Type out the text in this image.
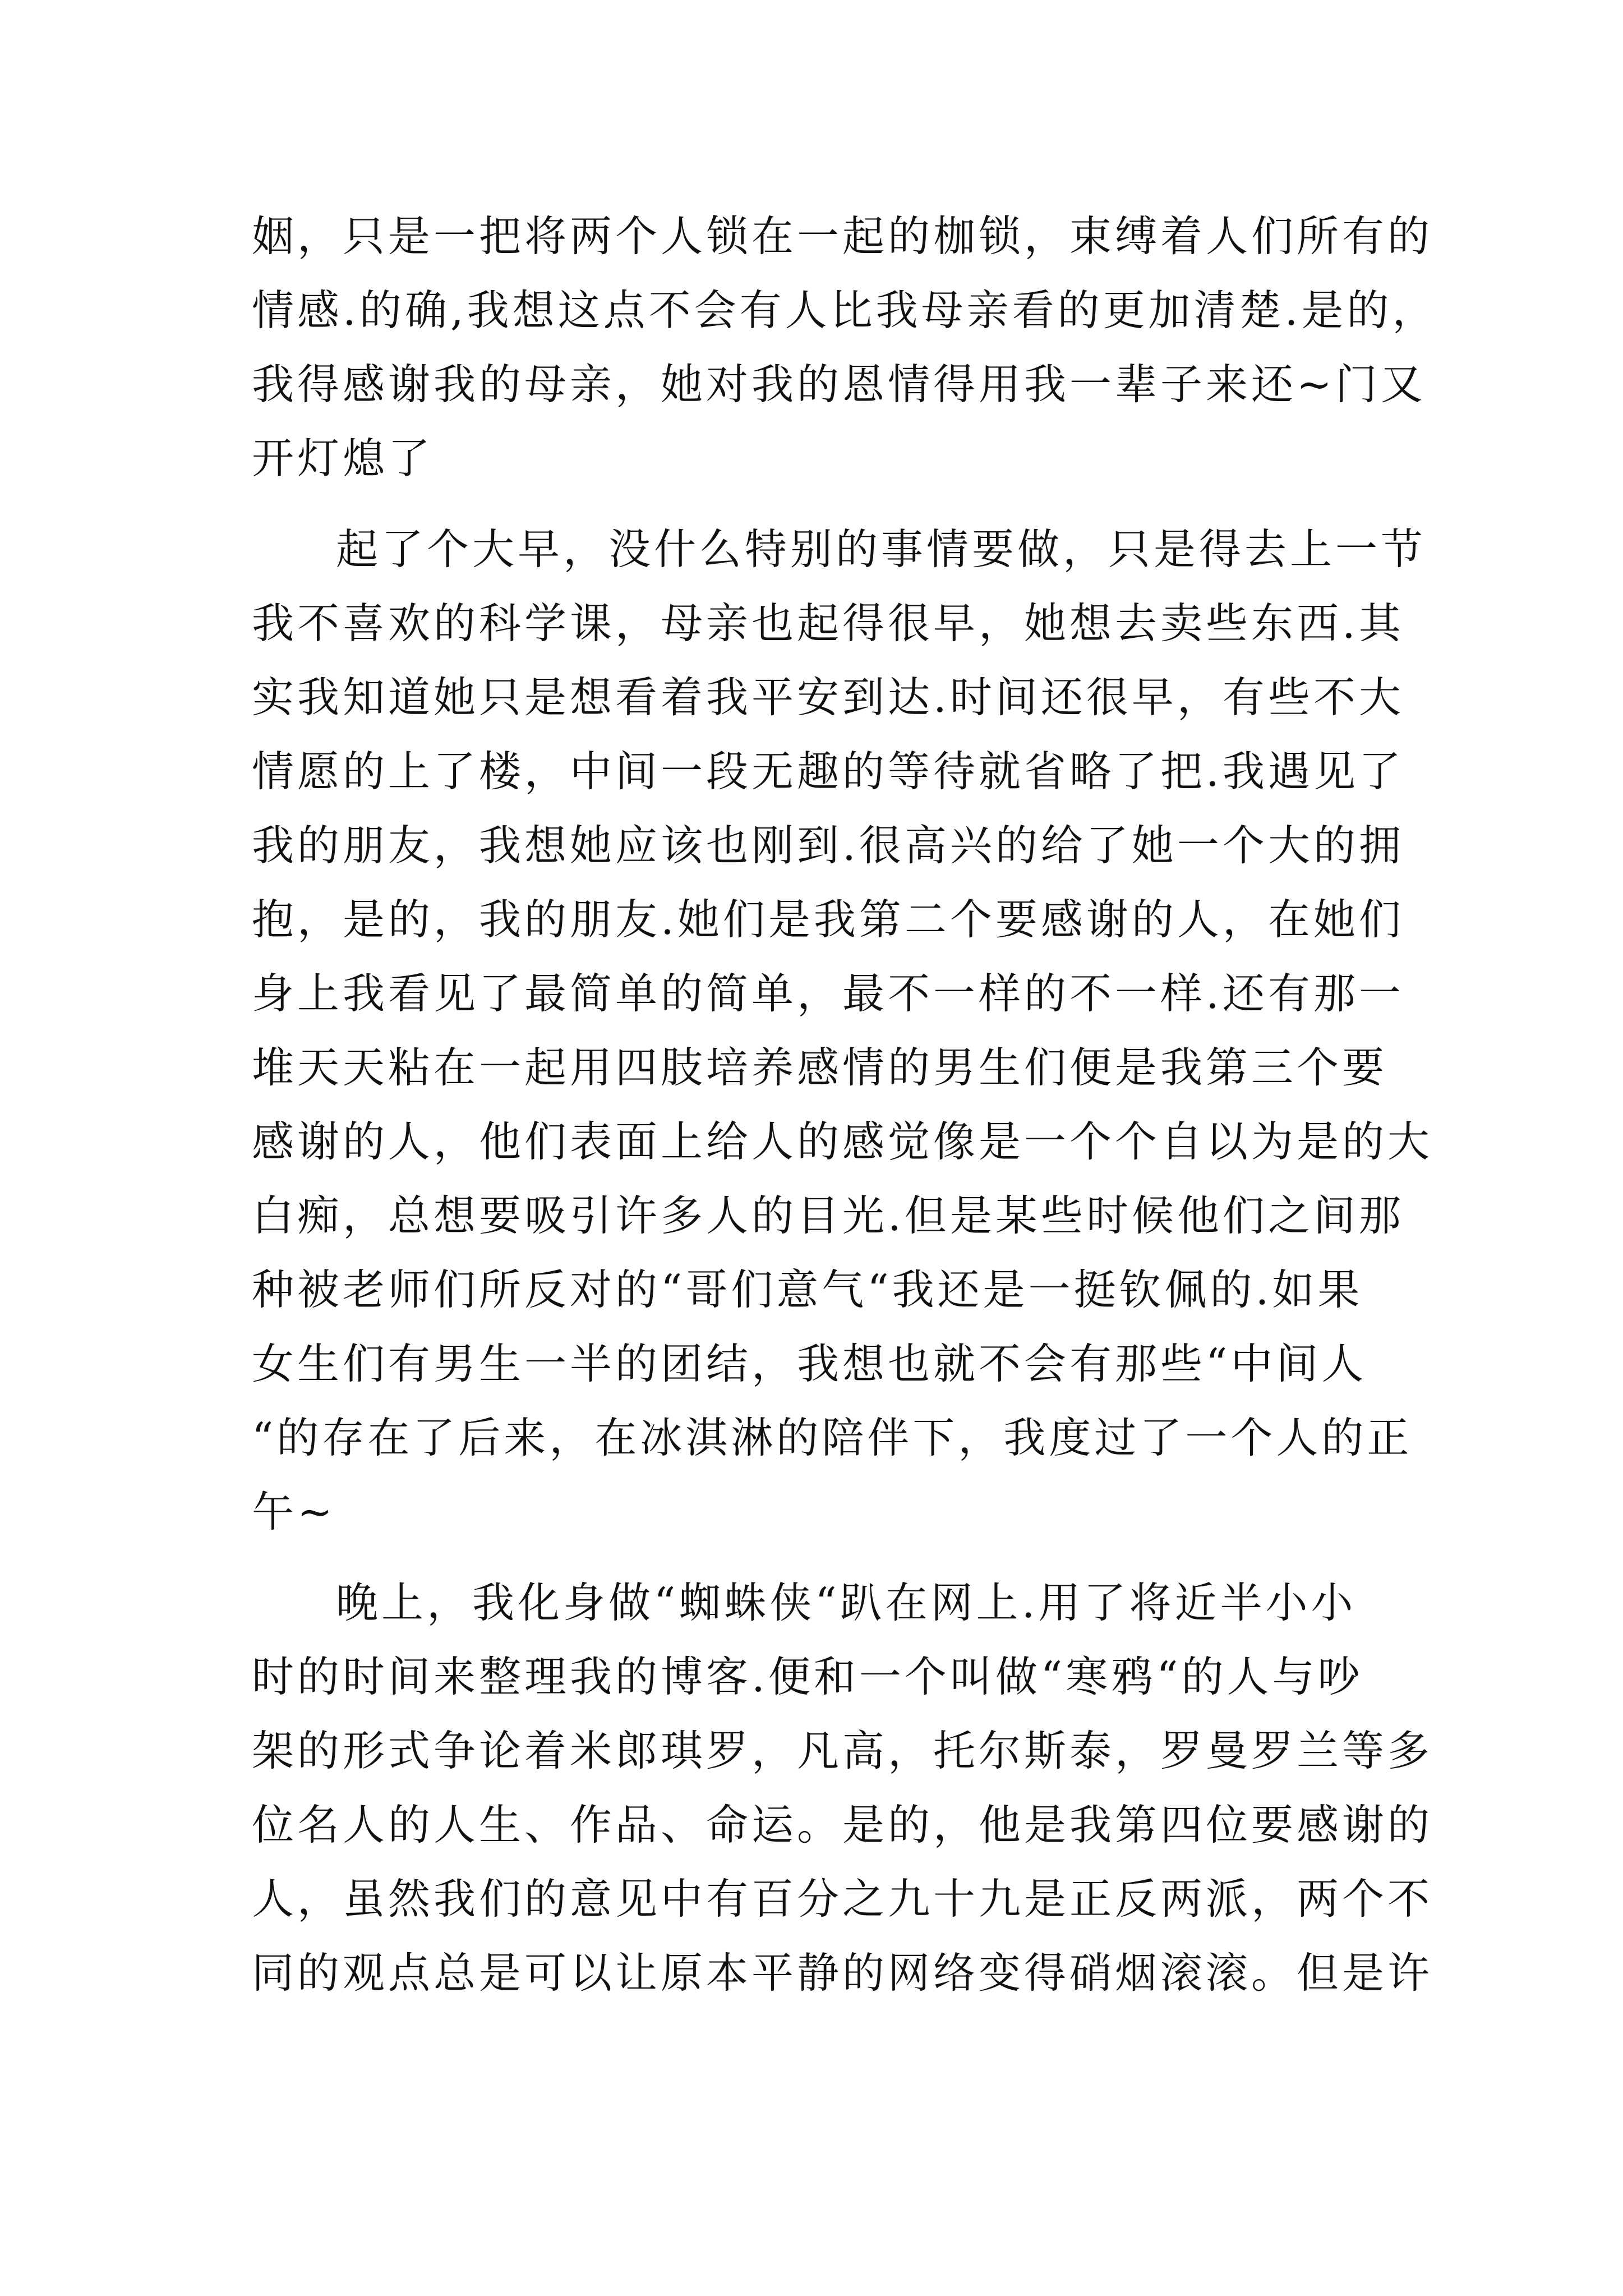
姻，只是一把将两个人锁在一起的枷锁，束缚着人们所有的
情感.的确,我想这点不会有人比我母亲看的更加清楚.是的，
我得感谢我的母亲，她对我的恩情得用我一辈子来还~门又
开灯熄了
起了个大早，没什么特别的事情要做，只是得去上一节
我不喜欢的科学课，母亲也起得很早，她想去卖些东西.其
实我知道她只是想看着我平安到达.时间还很早，有些不大
情愿的上了楼，中间一段无趣的等待就省略了把.我遇见了
我的朋友，我想她应该也刚到.很高兴的给了她一个大的拥
抱，是的，我的朋友.她们是我第二个要感谢的人，在她们
身上我看见了最简单的简单，最不一样的不一样.还有那一
堆天天粘在一起用四肢培养感情的男生们便是我第三个要
感谢的人，他们表面上给人的感觉像是一个个自以为是的大
白痴，总想要吸引许多人的目光.但是某些时候他们之间那
种被老师们所反对的“哥们意气“我还是一挺钦佩的.如果
女生们有男生一半的团结，我想也就不会有那些“中间人
“的存在了后来，在冰淇淋的陪伴下，我度过了一个人的正
午~
晚上，我化身做“蜘蛛侠“趴在网上.用了将近半小小
时的时间来整理我的博客.便和一个叫做“寒鸦“的人与吵
架的形式争论着米郎琪罗，凡高，托尔斯泰，罗曼罗兰等多
位名人的人生、作品、命运。是的，他是我第四位要感谢的
人，虽然我们的意见中有百分之九十九是正反两派，两个不
同的观点总是可以让原本平静的网络变得硝烟滚滚。但是许
